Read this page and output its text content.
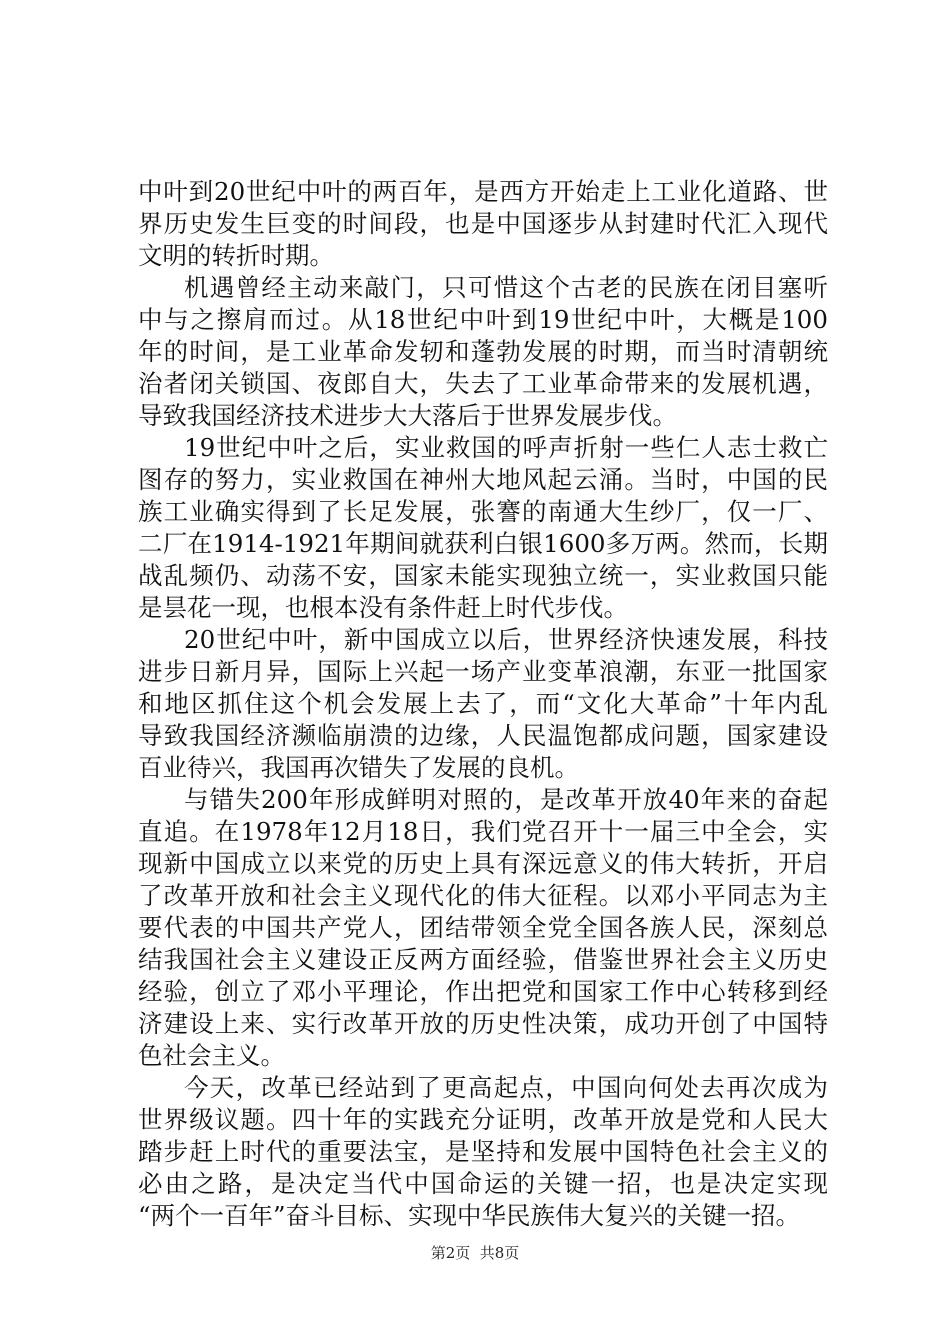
中叶到20世纪中叶的两百年，是西方开始走上工业化道路、世
界历史发生巨变的时间段，也是中国逐步从封建时代汇入现代
文明的转折时期。
机遇曾经主动来敲门，只可惜这个古老的民族在闭目塞听
中与之擦肩而过。从18世纪中叶到19世纪中叶，大概是100
年的时间，是工业革命发轫和蓬勃发展的时期，而当时清朝统
治者闭关锁国、夜郎自大，失去了工业革命带来的发展机遇，
导致我国经济技术进步大大落后于世界发展步伐。
19世纪中叶之后，实业救国的呼声折射一些仁人志士救亡
图存的努力，实业救国在神州大地风起云涌。当时，中国的民
族工业确实得到了长足发展，张謇的南通大生纱厂，仅一厂、
二厂在1914-1921年期间就获利白银1600多万两。然而，长期
战乱频仍、动荡不安，国家未能实现独立统一，实业救国只能
是昙花一现，也根本没有条件赶上时代步伐。
20世纪中叶，新中国成立以后，世界经济快速发展，科技
进步日新月异，国际上兴起一场产业变革浪潮，东亚一批国家
和地区抓住这个机会发展上去了，而“文化大革命”十年内乱
导致我国经济濒临崩溃的边缘，人民温饱都成问题，国家建设
百业待兴，我国再次错失了发展的良机。
与错失200年形成鲜明对照的，是改革开放40年来的奋起
直追。在1978年12月18日，我们党召开十一届三中全会，实
现新中国成立以来党的历史上具有深远意义的伟大转折，开启
了改革开放和社会主义现代化的伟大征程。以邓小平同志为主
要代表的中国共产党人，团结带领全党全国各族人民，深刻总
结我国社会主义建设正反两方面经验，借鉴世界社会主义历史
经验，创立了邓小平理论，作出把党和国家工作中心转移到经
济建设上来、实行改革开放的历史性决策，成功开创了中国特
色社会主义。
今天，改革已经站到了更高起点，中国向何处去再次成为
世界级议题。四十年的实践充分证明，改革开放是党和人民大
踏步赶上时代的重要法宝，是坚持和发展中国特色社会主义的
必由之路，是决定当代中国命运的关键一招，也是决定实现
“两个一百年”奋斗目标、实现中华民族伟大复兴的关键一招。
第2页  共8页
